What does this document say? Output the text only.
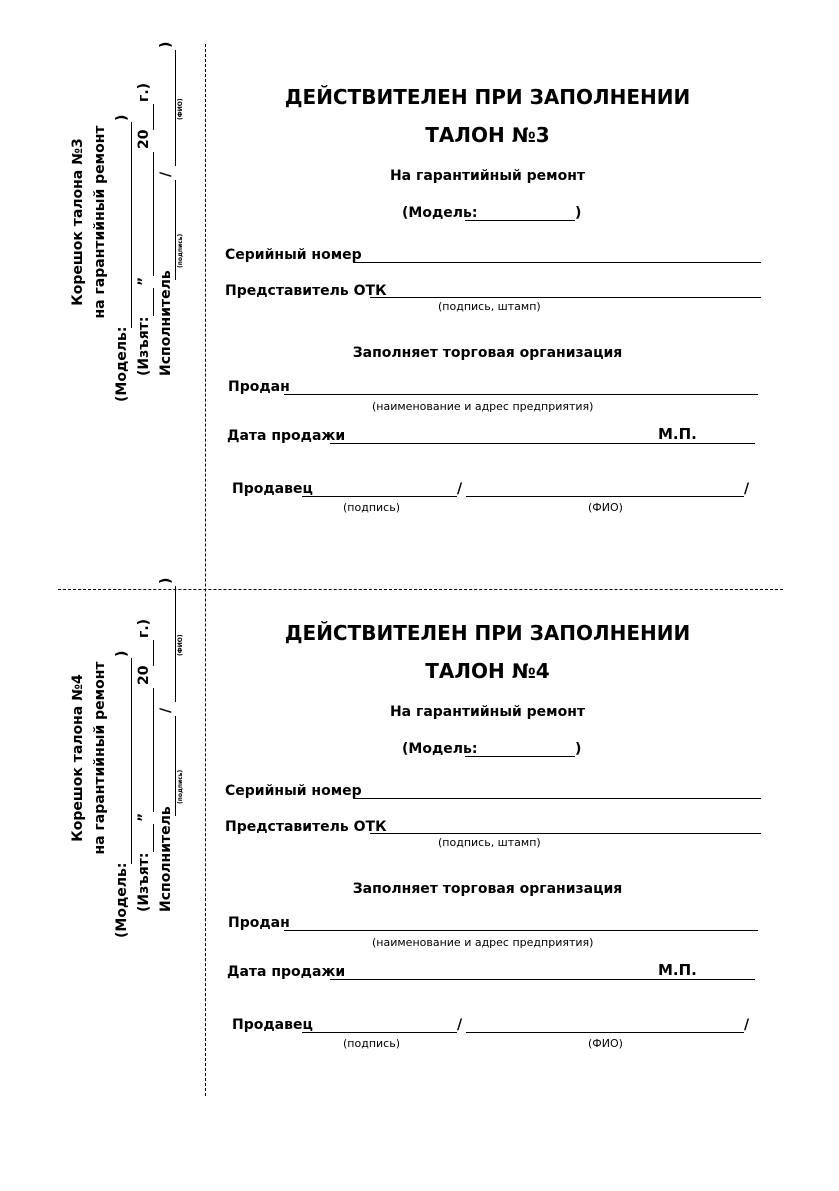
Корешок талона №3 на гарантийный ремонт
(Модель:
)
(Изъят:
”
20
г.)
Исполнитель
/
)
(подпись)
(ФИО)
ДЕЙСТВИТЕЛЕН ПРИ ЗАПОЛНЕНИИ
ТАЛОН №3
На гарантийный ремонт
(Модель:	)
Серийный номер
Представитель ОТК
(подпись, штамп)
Заполняет торговая организация
Продан
(наименование и адрес предприятия)
Дата продажи	М.П.
Продавец	/	/
(подпись)	(ФИО)
Корешок талона №4 на гарантийный ремонт
(Модель:
)
(Изъят:
”
20
г.)
Исполнитель
/
)
(подпись)
(ФИО)
ДЕЙСТВИТЕЛЕН ПРИ ЗАПОЛНЕНИИ
ТАЛОН №4
На гарантийный ремонт
(Модель:	)
Серийный номер
Представитель ОТК
(подпись, штамп)
Заполняет торговая организация
Продан
(наименование и адрес предприятия)
Дата продажи	М.П.
Продавец	/	/
(подпись)	(ФИО)
